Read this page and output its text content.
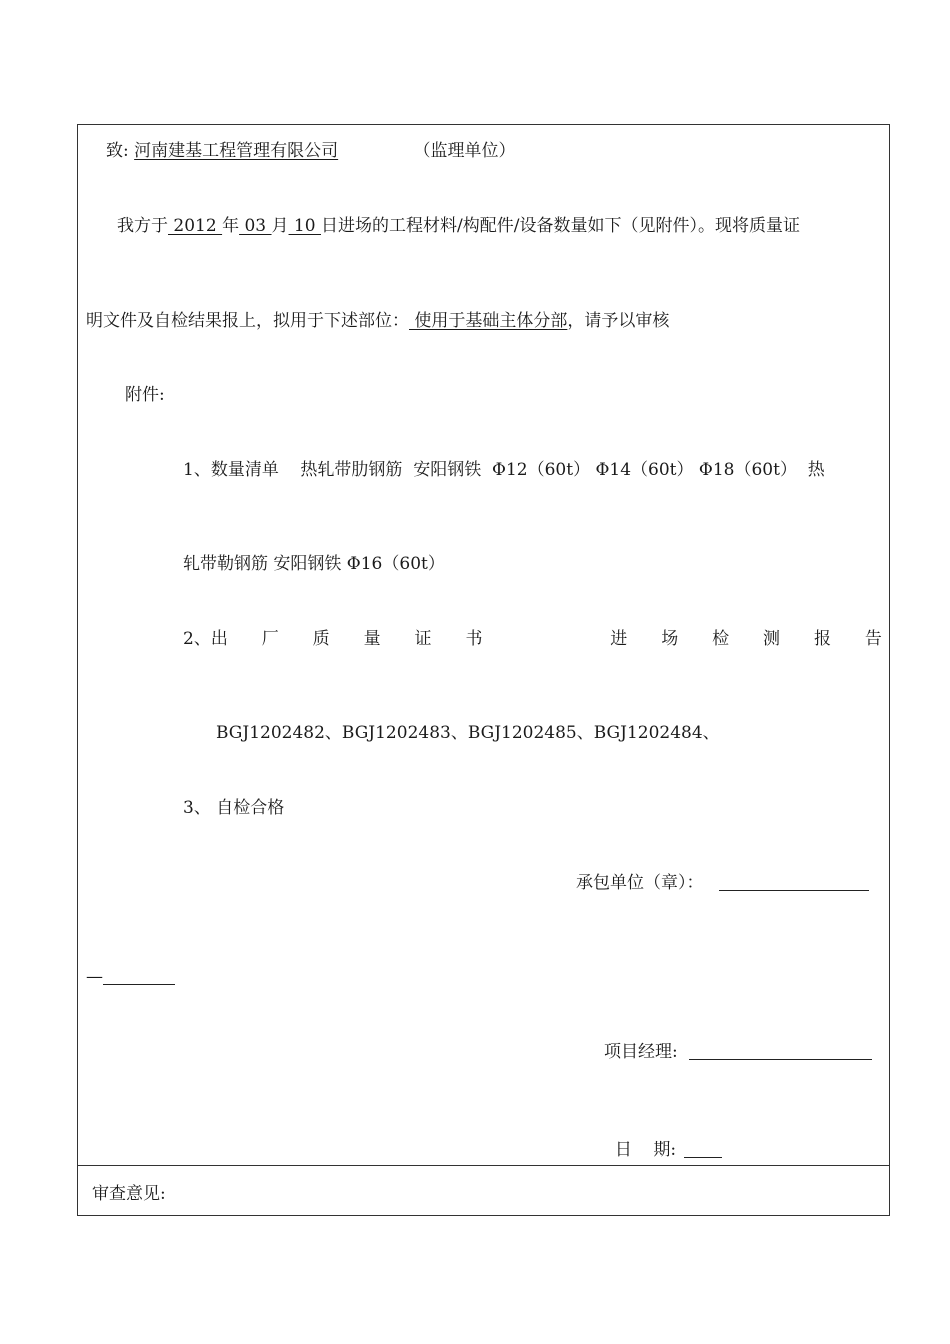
致: 河南建基工程管理有限公司	（监理单位）
我方于 2012 年 03 月 10 日进场的工程材料/构配件/设备数量如下（见附件）。现将质量证
明文件及自检结果报上，拟用于下述部位： 使用于基础主体分部，请予以审核
附件:
1、数量清单    热轧带肋钢筋  安阳钢铁  Φ12（60t） Φ14（60t） Φ18（60t）  热
轧带勒钢筋 安阳钢铁 Φ16（60t）
2、出 厂 质 量 证 书	进 场 检 测 报 告
BGJ1202482、BGJ1202483、BGJ1202485、BGJ1202484、
3、 自检合格
承包单位（章）：
—
项目经理:

日    期:

审查意见:
